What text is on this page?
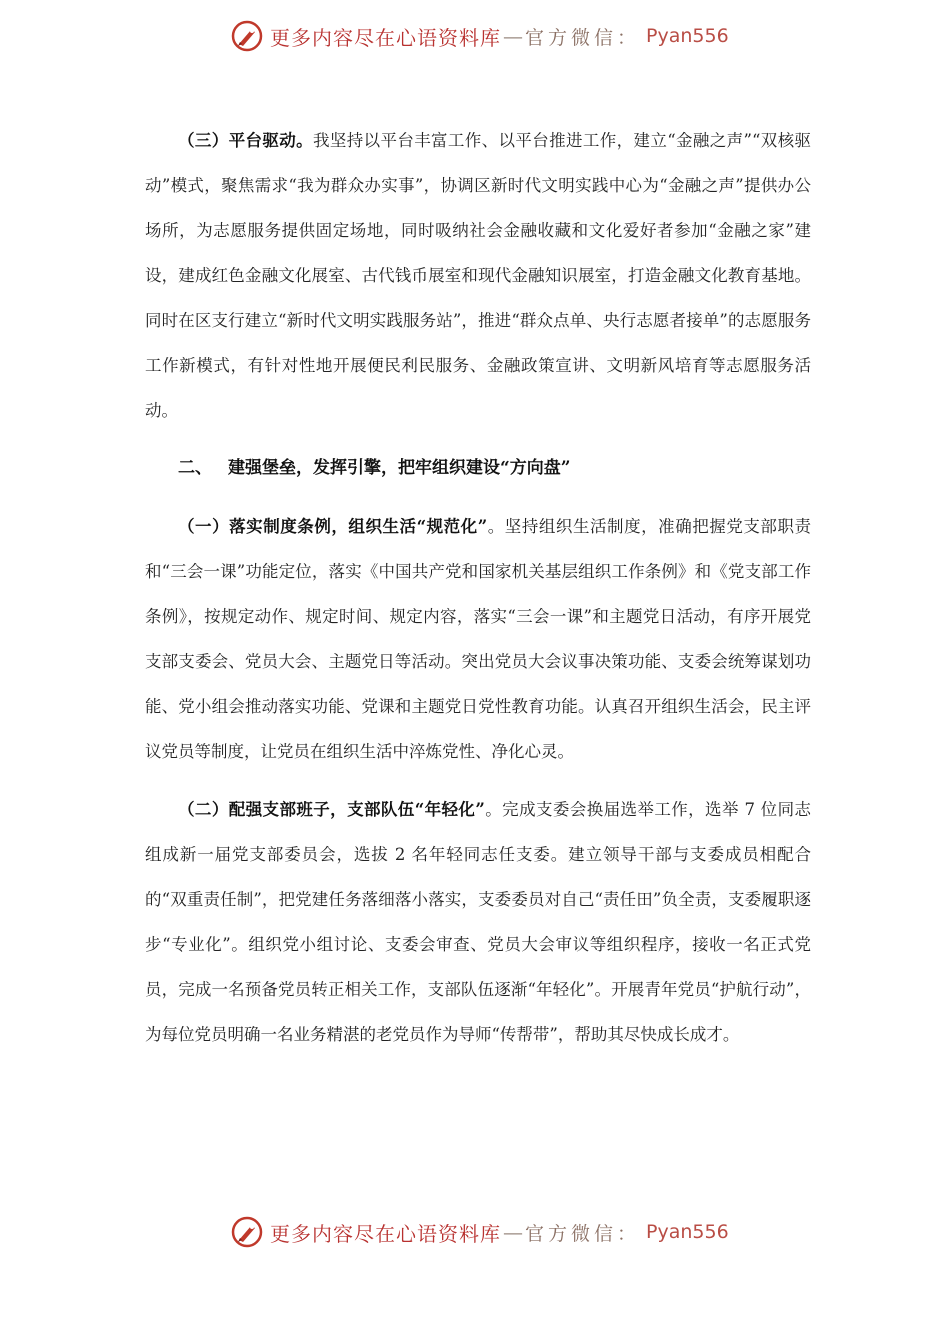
更多内容尽在心语资料库 — 官方微信： Pyan556

（三）平台驱动。我坚持以平台丰富工作、以平台推进工作，建立“金融之声”“双核驱动”模式，聚焦需求“我为群众办实事”，协调区新时代文明实践中心为“金融之声”提供办公场所，为志愿服务提供固定场地，同时吸纳社会金融收藏和文化爱好者参加“金融之家”建设，建成红色金融文化展室、古代钱币展室和现代金融知识展室，打造金融文化教育基地。同时在区支行建立“新时代文明实践服务站”，推进“群众点单、央行志愿者接单”的志愿服务工作新模式，有针对性地开展便民利民服务、金融政策宣讲、文明新风培育等志愿服务活动。

二、 建强堡垒，发挥引擎，把牢组织建设“方向盘”

（一）落实制度条例，组织生活“规范化”。坚持组织生活制度，准确把握党支部职责和“三会一课”功能定位，落实《中国共产党和国家机关基层组织工作条例》和《党支部工作条例》，按规定动作、规定时间、规定内容，落实“三会一课”和主题党日活动，有序开展党支部支委会、党员大会、主题党日等活动。突出党员大会议事决策功能、支委会统筹谋划功能、党小组会推动落实功能、党课和主题党日党性教育功能。认真召开组织生活会，民主评议党员等制度，让党员在组织生活中淬炼党性、净化心灵。

（二）配强支部班子，支部队伍“年轻化”。完成支委会换届选举工作，选举 7 位同志组成新一届党支部委员会，选拔 2 名年轻同志任支委。建立领导干部与支委成员相配合的“双重责任制”，把党建任务落细落小落实，支委委员对自己“责任田”负全责，支委履职逐步“专业化”。组织党小组讨论、支委会审查、党员大会审议等组织程序，接收一名正式党员，完成一名预备党员转正相关工作，支部队伍逐渐“年轻化”。开展青年党员“护航行动”，为每位党员明确一名业务精湛的老党员作为导师“传帮带”，帮助其尽快成长成才。

更多内容尽在心语资料库 — 官方微信： Pyan556
